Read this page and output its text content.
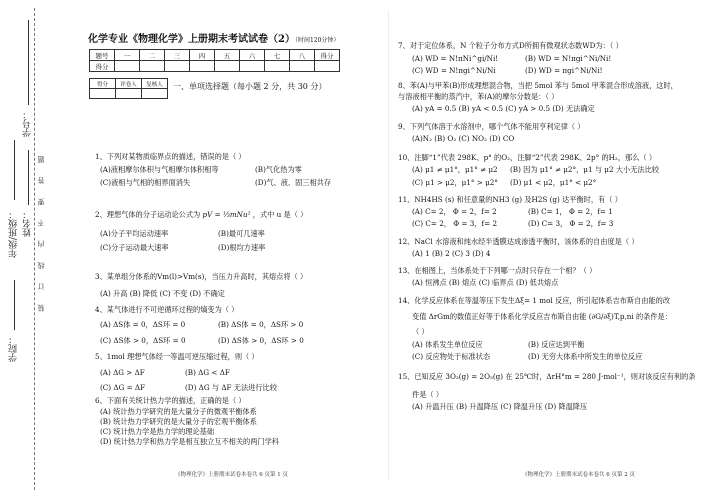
学院：
年级/班级： 姓名：
学号：
装 订 线 内 不 要 答 题
化学专业《物理化学》上册期末考试试卷（2）（时间120分钟）
题号	一	二	三	四	五	六	七	八	得分
得分									
得分	评卷人	复核人
		一、单项选择题（每小题 2 分，共 30 分）
1、下列对某物质临界点的描述，错误的是（ ）
(A)液相摩尔体积与气相摩尔体积相等	(B)气化热为零
(C)液相与气相的相界面消失	(D)气、液、固三相共存
2、理想气体的分子运动论公式为 pV = ⅓mNu² ，式中 u 是（ ）
(A)分子平均运动速率	(B)最可几速率
(C)分子运动最大速率	(D)根均方速率
3、某单组分体系的Vm(l)>Vm(s)，当压力升高时，其熔点将（ ）
(A) 升高 (B) 降低 (C) 不变 (D) 不确定
4、某气体进行不可逆循环过程的熵变为（ ）
(A) ΔS体 = 0，ΔS环 = 0	(B) ΔS体 = 0，ΔS环 > 0
(C) ΔS体 > 0，ΔS环 = 0	(D) ΔS体 > 0，ΔS环 > 0
5、1mol 理想气体经一等温可逆压缩过程，则（ ）
(A) ΔG > ΔF	(B) ΔG < ΔF
(C) ΔG = ΔF	(D) ΔG 与 ΔF 无法进行比较
6、下面有关统计热力学的描述，正确的是（ ）
(A) 统计热力学研究的是大量分子的微观平衡体系
(B) 统计热力学研究的是大量分子的宏观平衡体系
(C) 统计热力学是热力学的理论基础
(D) 统计热力学和热力学是相互独立互不相关的两门学科
《物理化学》上册期末试卷本卷共 6 页第 1 页
7、对于定位体系，N 个粒子分布方式D所拥有微观状态数WD为：（ ）
(A) WD = N!πNi^gi/Ni!	(B) WD = N!πgi^Ni/Ni!
(C) WD = N!πgi^Ni/Ni	(D) WD = πgi^Ni/Ni!
8、苯(A)与甲苯(B)形成理想混合物，当把 5mol 苯与 5mol 甲苯混合形成溶液，这时，
与溶液相平衡的蒸汽中，苯(A)的摩尔分数是：（ ）
(A) yA = 0.5 (B) yA < 0.5 (C) yA > 0.5 (D) 无法确定
9、下列气体溶于水溶剂中，哪个气体不能用亨利定律（ ）
(A)N₂ (B) O₂ (C) NO₂ (D) CO
10、注脚“1”代表 298K、p° 的O₂，注脚“2”代表 298K、2p° 的H₂，那么（ ）
(A) μ1 ≠ μ1°，μ1° ≠ μ2 (B) 因为 μ1° ≠ μ2°，μ1 与 μ2 大小无法比较
(C) μ1 > μ2，μ1° > μ2° (D) μ1 < μ2，μ1° < μ2°
11、NH4HS (s) 和任意量的NH3 (g) 及H2S (g) 达平衡时，有（ ）
(A) C= 2， Φ = 2，f= 2	(B) C= 1， Φ = 2，f= 1
(C) C= 2， Φ = 3，f= 2	(D) C= 3， Φ = 2，f= 3
12、NaCl 水溶液和纯水经半透膜达成渗透平衡时，该体系的自由度是（ ）
(A) 1 (B) 2 (C) 3 (D) 4
13、在相图上，当体系处于下列哪一点时只存在一个相？（ ）
(A) 恒沸点 (B) 熔点 (C) 临界点 (D) 低共熔点
14、化学反应体系在等温等压下发生Δξ= 1 mol 反应，所引起体系吉布斯自由能的改
变值 ΔrGm的数值正好等于体系化学反应吉布斯自由能 (∂G/∂ξ)T,p,ni 的条件是：
（ ）
(A) 体系发生单位反应	(B) 反应达到平衡
(C) 反应物处于标准状态	(D) 无穷大体系中所发生的单位反应
15、已知反应 3O₂(g) = 2O₃(g) 在 25℃时，ΔrH°m = 280 J·mol⁻¹，则对该反应有利的条
件是（ ）
(A) 升温升压 (B) 升温降压 (C) 降温升压 (D) 降温降压
《物理化学》上册期末试卷本卷共 6 页第 2 页
